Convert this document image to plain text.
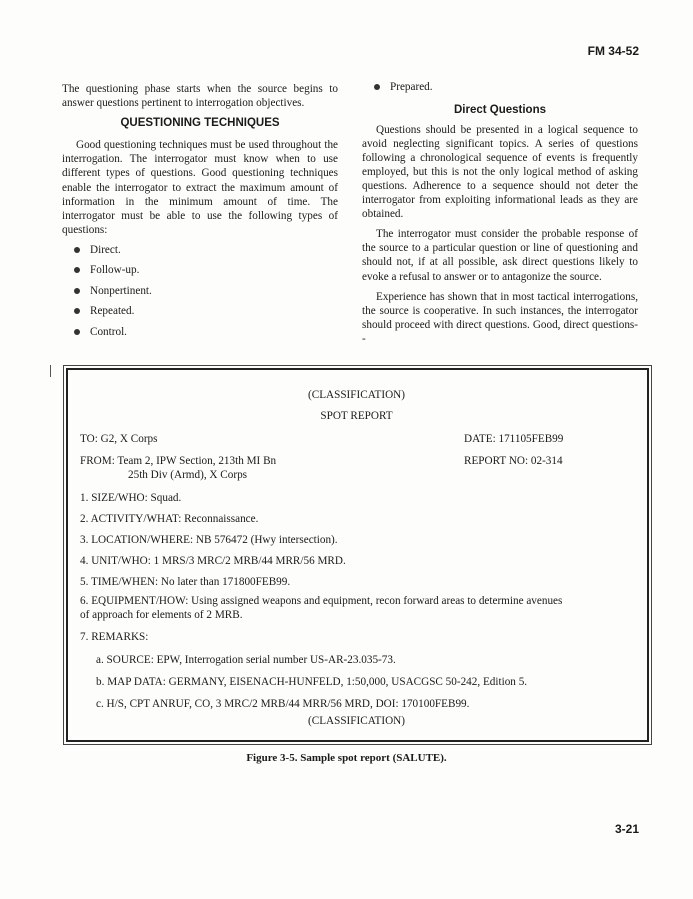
FM 34-52

The questioning phase starts when the source begins to answer questions pertinent to interrogation objectives.

QUESTIONING TECHNIQUES

Good questioning techniques must be used throughout the interrogation. The interrogator must know when to use different types of questions. Good questioning techniques enable the interrogator to extract the maximum amount of information in the minimum amount of time. The interrogator must be able to use the following types of questions:

Direct.
Follow-up.
Nonpertinent.
Repeated.
Control.
Prepared.
Direct Questions

Questions should be presented in a logical sequence to avoid neglecting significant topics. A series of questions following a chronological sequence of events is frequently employed, but this is not the only logical method of asking questions. Adherence to a sequence should not deter the interrogator from exploiting informational leads as they are obtained.

The interrogator must consider the probable response of the source to a particular question or line of questioning and should not, if at all possible, ask direct questions likely to evoke a refusal to answer or to antagonize the source.

Experience has shown that in most tactical interrogations, the source is cooperative. In such instances, the interrogator should proceed with direct questions. Good, direct questions--

(CLASSIFICATION)
SPOT REPORT
TO: G2, X Corps	DATE: 171105FEB99
FROM: Team 2, IPW Section, 213th MI Bn
25th Div (Armd), X Corps
REPORT NO: 02-314
1. SIZE/WHO: Squad.
2. ACTIVITY/WHAT: Reconnaissance.
3. LOCATION/WHERE: NB 576472 (Hwy intersection).
4. UNIT/WHO: 1 MRS/3 MRC/2 MRB/44 MRR/56 MRD.
5. TIME/WHEN: No later than 171800FEB99.
6. EQUIPMENT/HOW: Using assigned weapons and equipment, recon forward areas to determine avenues
of approach for elements of 2 MRB.
7. REMARKS:
a. SOURCE: EPW, Interrogation serial number US-AR-23.035-73.
b. MAP DATA: GERMANY, EISENACH-HUNFELD, 1:50,000, USACGSC 50-242, Edition 5.
c. H/S, CPT ANRUF, CO, 3 MRC/2 MRB/44 MRR/56 MRD, DOI: 170100FEB99.
(CLASSIFICATION)
Figure 3-5. Sample spot report (SALUTE).
3-21
